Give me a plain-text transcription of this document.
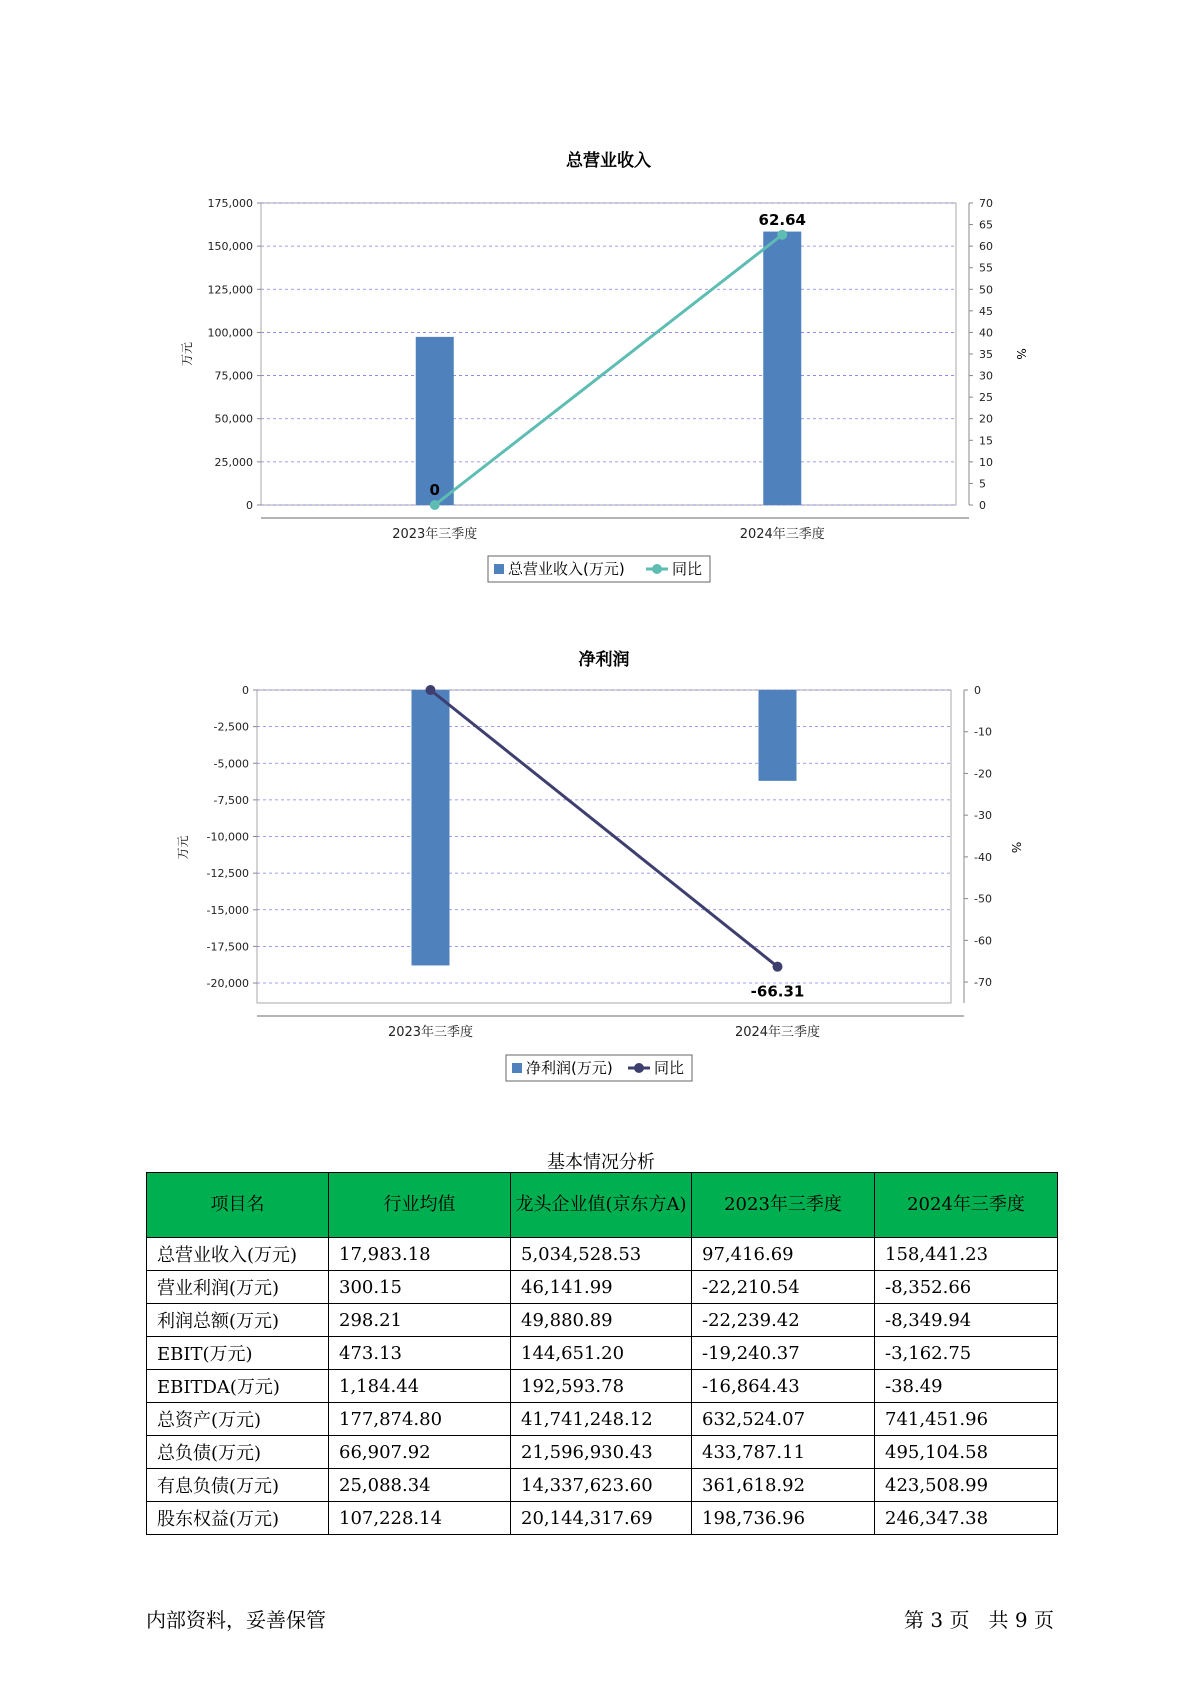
总营业收入
0
25,000
50,000
75,000
100,000
125,000
150,000
175,000
0
5
10
15
20
25
30
35
40
45
50
55
60
65
70
万元	%
2023年三季度	2024年三季度
0
62.64
总营业收入(万元)	同比
净利润
0
-2,500
-5,000
-7,500
-10,000
-12,500
-15,000
-17,500
-20,000
0
-10
-20
-30
-40
-50
-60
-70
万元	%
2023年三季度	2024年三季度
-66.31
净利润(万元)	同比
基本情况分析
项目名	行业均值	龙头企业值(京东方A)	2023年三季度	2024年三季度
总营业收入(万元)	17,983.18	5,034,528.53	97,416.69	158,441.23
营业利润(万元)	300.15	46,141.99	-22,210.54	-8,352.66
利润总额(万元)	298.21	49,880.89	-22,239.42	-8,349.94
EBIT(万元)	473.13	144,651.20	-19,240.37	-3,162.75
EBITDA(万元)	1,184.44	192,593.78	-16,864.43	-38.49
总资产(万元)	177,874.80	41,741,248.12	632,524.07	741,451.96
总负债(万元)	66,907.92	21,596,930.43	433,787.11	495,104.58
有息负债(万元)	25,088.34	14,337,623.60	361,618.92	423,508.99
股东权益(万元)	107,228.14	20,144,317.69	198,736.96	246,347.38
内部资料，妥善保管	第 3 页   共 9 页
